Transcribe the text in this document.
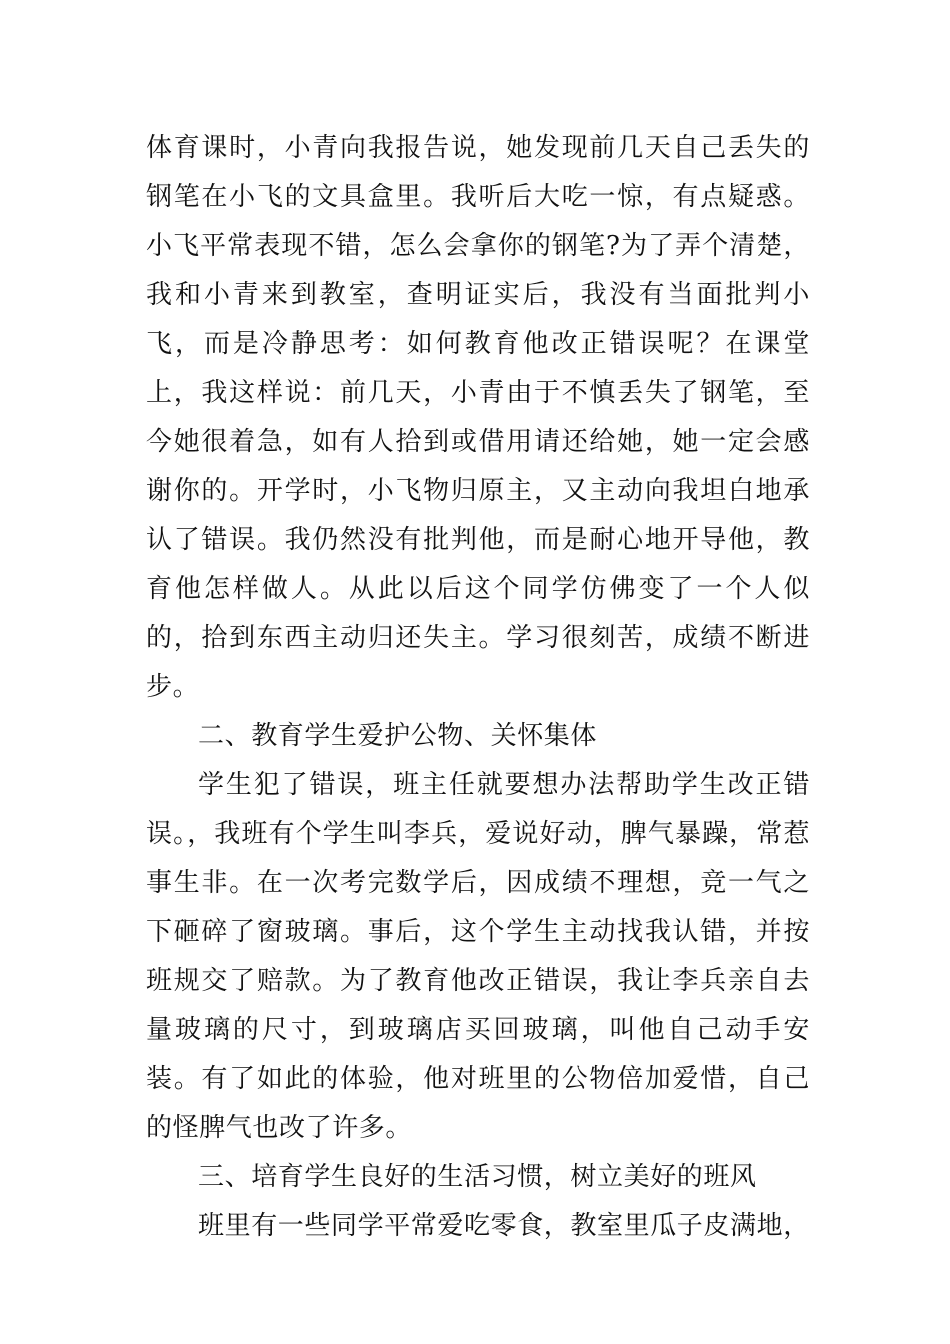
体育课时，小青向我报告说，她发现前几天自己丢失的钢笔在小飞的文具盒里。我听后大吃一惊，有点疑惑。小飞平常表现不错，怎么会拿你的钢笔?为了弄个清楚，我和小青来到教室，查明证实后，我没有当面批判小飞，而是冷静思考：如何教育他改正错误呢？在课堂上，我这样说：前几天，小青由于不慎丢失了钢笔，至今她很着急，如有人拾到或借用请还给她，她一定会感谢你的。开学时，小飞物归原主，又主动向我坦白地承认了错误。我仍然没有批判他，而是耐心地开导他，教育他怎样做人。从此以后这个同学仿佛变了一个人似的，拾到东西主动归还失主。学习很刻苦，成绩不断进步。

二、教育学生爱护公物、关怀集体

学生犯了错误，班主任就要想办法帮助学生改正错误。，我班有个学生叫李兵，爱说好动，脾气暴躁，常惹事生非。在一次考完数学后，因成绩不理想，竞一气之下砸碎了窗玻璃。事后，这个学生主动找我认错，并按班规交了赔款。为了教育他改正错误，我让李兵亲自去量玻璃的尺寸，到玻璃店买回玻璃，叫他自己动手安装。有了如此的体验，他对班里的公物倍加爱惜，自己的怪脾气也改了许多。

三、培育学生良好的生活习惯，树立美好的班风

班里有一些同学平常爱吃零食，教室里瓜子皮满地，
